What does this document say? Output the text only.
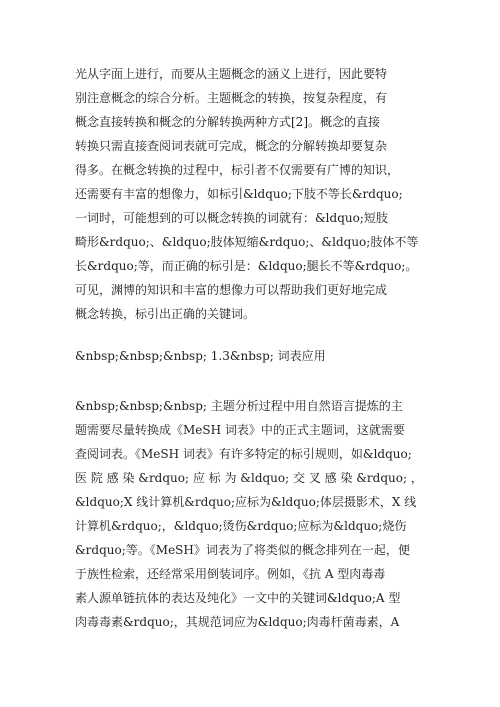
光从字面上进行，而要从主题概念的涵义上进行，因此要特
别注意概念的综合分析。主题概念的转换，按复杂程度，有
概念直接转换和概念的分解转换两种方式[2]。概念的直接
转换只需直接查阅词表就可完成，概念的分解转换却要复杂
得多。在概念转换的过程中，标引者不仅需要有广博的知识，
还需要有丰富的想像力，如标引&ldquo;下肢不等长&rdquo;
一词时，可能想到的可以概念转换的词就有：&ldquo;短肢
畸形&rdquo;、&ldquo;肢体短缩&rdquo;、&ldquo;肢体不等
长&rdquo;等，而正确的标引是：&ldquo;腿长不等&rdquo;。
可见，渊博的知识和丰富的想像力可以帮助我们更好地完成
概念转换，标引出正确的关键词。
&nbsp;&nbsp;&nbsp; 1.3&nbsp; 词表应用
&nbsp;&nbsp;&nbsp; 主题分析过程中用自然语言提炼的主
题需要尽量转换成《MeSH 词表》中的正式主题词，这就需要
查阅词表。《MeSH 词表》有许多特定的标引规则，如&ldquo;
医 院 感 染 &rdquo; 应 标 为 &ldquo; 交 叉 感 染 &rdquo; ，
&ldquo;X 线计算机&rdquo;应标为&ldquo;体层摄影术，X 线
计算机&rdquo;，&ldquo;烫伤&rdquo;应标为&ldquo;烧伤
&rdquo;等。《MeSH》词表为了将类似的概念排列在一起，便
于族性检索，还经常采用倒装词序。例如，《抗 A 型肉毒毒
素人源单链抗体的表达及纯化》一文中的关键词&ldquo;A 型
肉毒毒素&rdquo;，其规范词应为&ldquo;肉毒杆菌毒素，A
